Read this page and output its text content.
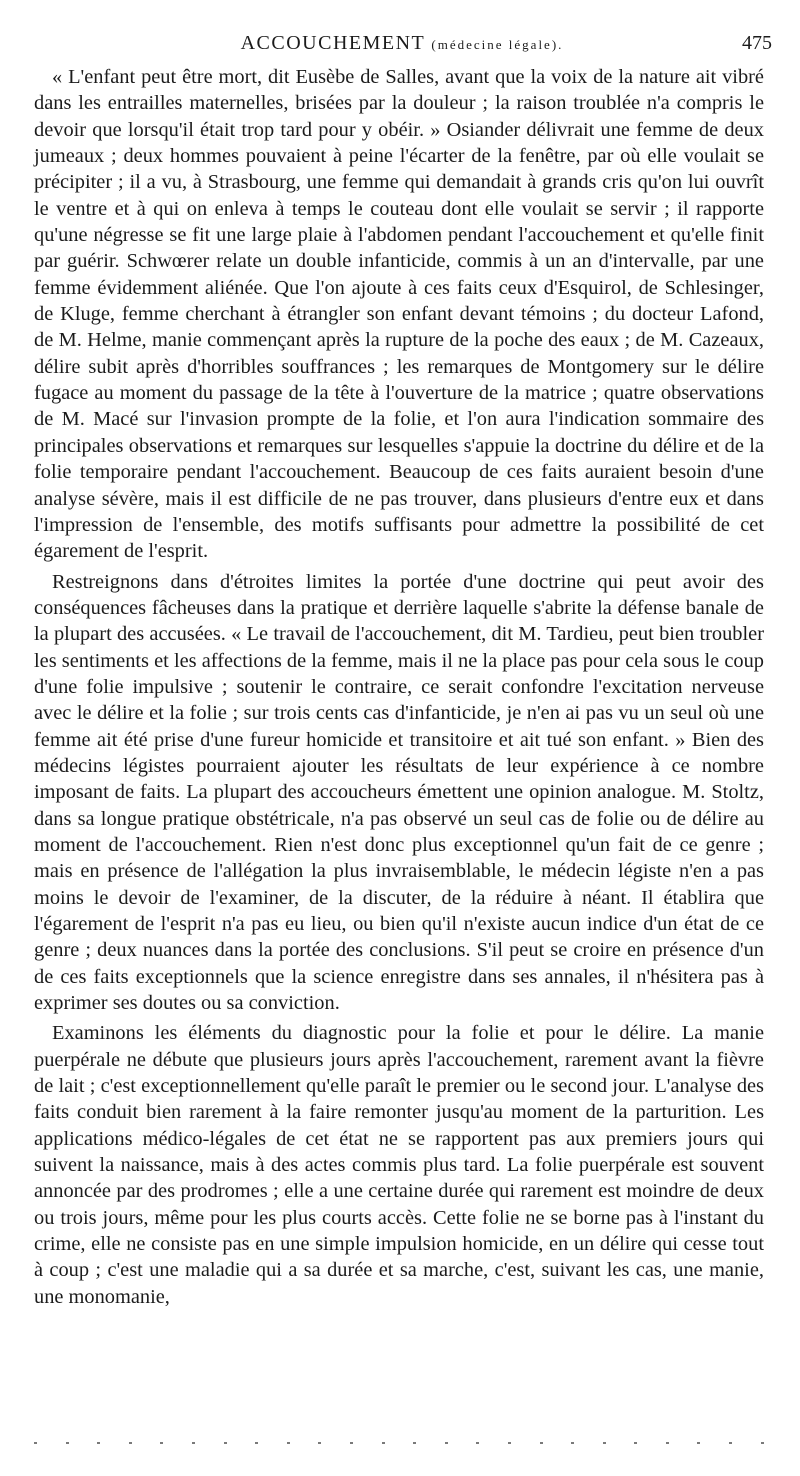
ACCOUCHEMENT (médecine légale).	475

« L'enfant peut être mort, dit Eusèbe de Salles, avant que la voix de la nature ait vibré dans les entrailles maternelles, brisées par la douleur ; la raison troublée n'a compris le devoir que lorsqu'il était trop tard pour y obéir. » Osiander délivrait une femme de deux jumeaux ; deux hommes pouvaient à peine l'écarter de la fenêtre, par où elle voulait se précipiter ; il a vu, à Strasbourg, une femme qui demandait à grands cris qu'on lui ouvrît le ventre et à qui on enleva à temps le couteau dont elle voulait se servir ; il rapporte qu'une négresse se fit une large plaie à l'abdomen pendant l'accouchement et qu'elle finit par guérir. Schwœrer relate un double infanticide, commis à un an d'intervalle, par une femme évidemment aliénée. Que l'on ajoute à ces faits ceux d'Esquirol, de Schlesinger, de Kluge, femme cherchant à étrangler son enfant devant témoins ; du docteur Lafond, de M. Helme, manie commençant après la rupture de la poche des eaux ; de M. Cazeaux, délire subit après d'horribles souffrances ; les remarques de Montgomery sur le délire fugace au moment du passage de la tête à l'ouverture de la matrice ; quatre observations de M. Macé sur l'invasion prompte de la folie, et l'on aura l'indication sommaire des principales observations et remarques sur lesquelles s'appuie la doctrine du délire et de la folie temporaire pendant l'accouchement. Beaucoup de ces faits auraient besoin d'une analyse sévère, mais il est difficile de ne pas trouver, dans plusieurs d'entre eux et dans l'impression de l'ensemble, des motifs suffisants pour admettre la possibilité de cet égarement de l'esprit.

Restreignons dans d'étroites limites la portée d'une doctrine qui peut avoir des conséquences fâcheuses dans la pratique et derrière laquelle s'abrite la défense banale de la plupart des accusées. « Le travail de l'accouchement, dit M. Tardieu, peut bien troubler les sentiments et les affections de la femme, mais il ne la place pas pour cela sous le coup d'une folie impulsive ; soutenir le contraire, ce serait confondre l'excitation nerveuse avec le délire et la folie ; sur trois cents cas d'infanticide, je n'en ai pas vu un seul où une femme ait été prise d'une fureur homicide et transitoire et ait tué son enfant. » Bien des médecins légistes pourraient ajouter les résultats de leur expérience à ce nombre imposant de faits. La plupart des accoucheurs émettent une opinion analogue. M. Stoltz, dans sa longue pratique obstétricale, n'a pas observé un seul cas de folie ou de délire au moment de l'accouchement. Rien n'est donc plus exceptionnel qu'un fait de ce genre ; mais en présence de l'allégation la plus invraisemblable, le médecin légiste n'en a pas moins le devoir de l'examiner, de la discuter, de la réduire à néant. Il établira que l'égarement de l'esprit n'a pas eu lieu, ou bien qu'il n'existe aucun indice d'un état de ce genre ; deux nuances dans la portée des conclusions. S'il peut se croire en présence d'un de ces faits exceptionnels que la science enregistre dans ses annales, il n'hésitera pas à exprimer ses doutes ou sa conviction.

Examinons les éléments du diagnostic pour la folie et pour le délire. La manie puerpérale ne débute que plusieurs jours après l'accouchement, rarement avant la fièvre de lait ; c'est exceptionnellement qu'elle paraît le premier ou le second jour. L'analyse des faits conduit bien rarement à la faire remonter jusqu'au moment de la parturition. Les applications médico-légales de cet état ne se rapportent pas aux premiers jours qui suivent la naissance, mais à des actes commis plus tard. La folie puerpérale est souvent annoncée par des prodromes ; elle a une certaine durée qui rarement est moindre de deux ou trois jours, même pour les plus courts accès. Cette folie ne se borne pas à l'instant du crime, elle ne consiste pas en une simple impulsion homicide, en un délire qui cesse tout à coup ; c'est une maladie qui a sa durée et sa marche, c'est, suivant les cas, une manie, une monomanie,
